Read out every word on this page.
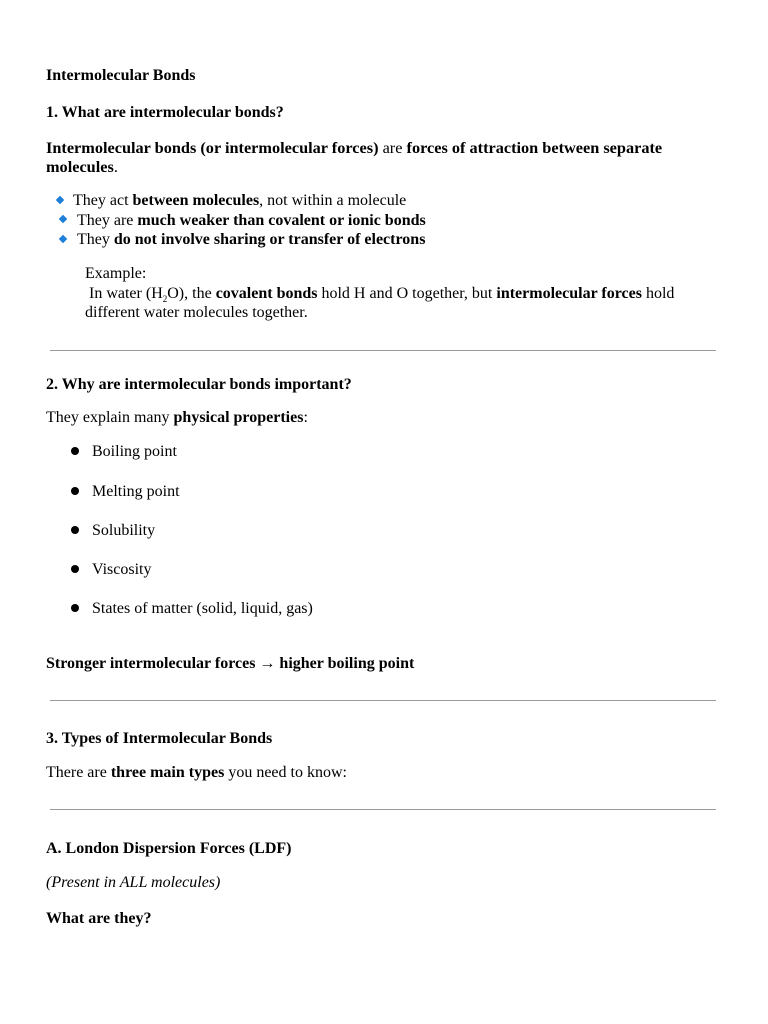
Intermolecular Bonds
1. What are intermolecular bonds?
Intermolecular bonds (or intermolecular forces) are forces of attraction between separate molecules.
They act between molecules, not within a molecule
They are much weaker than covalent or ionic bonds
They do not involve sharing or transfer of electrons
Example:
In water $(H_2O)$, the covalent bonds hold H and O together, but intermolecular forces hold different water molecules together.
2. Why are intermolecular bonds important?
They explain many physical properties:
Boiling point
Melting point
Solubility
Viscosity
States of matter (solid, liquid, gas)
Stronger intermolecular forces → higher boiling point
3. Types of Intermolecular Bonds
There are three main types you need to know:
A. London Dispersion Forces (LDF)
(Present in ALL molecules)
What are they?
